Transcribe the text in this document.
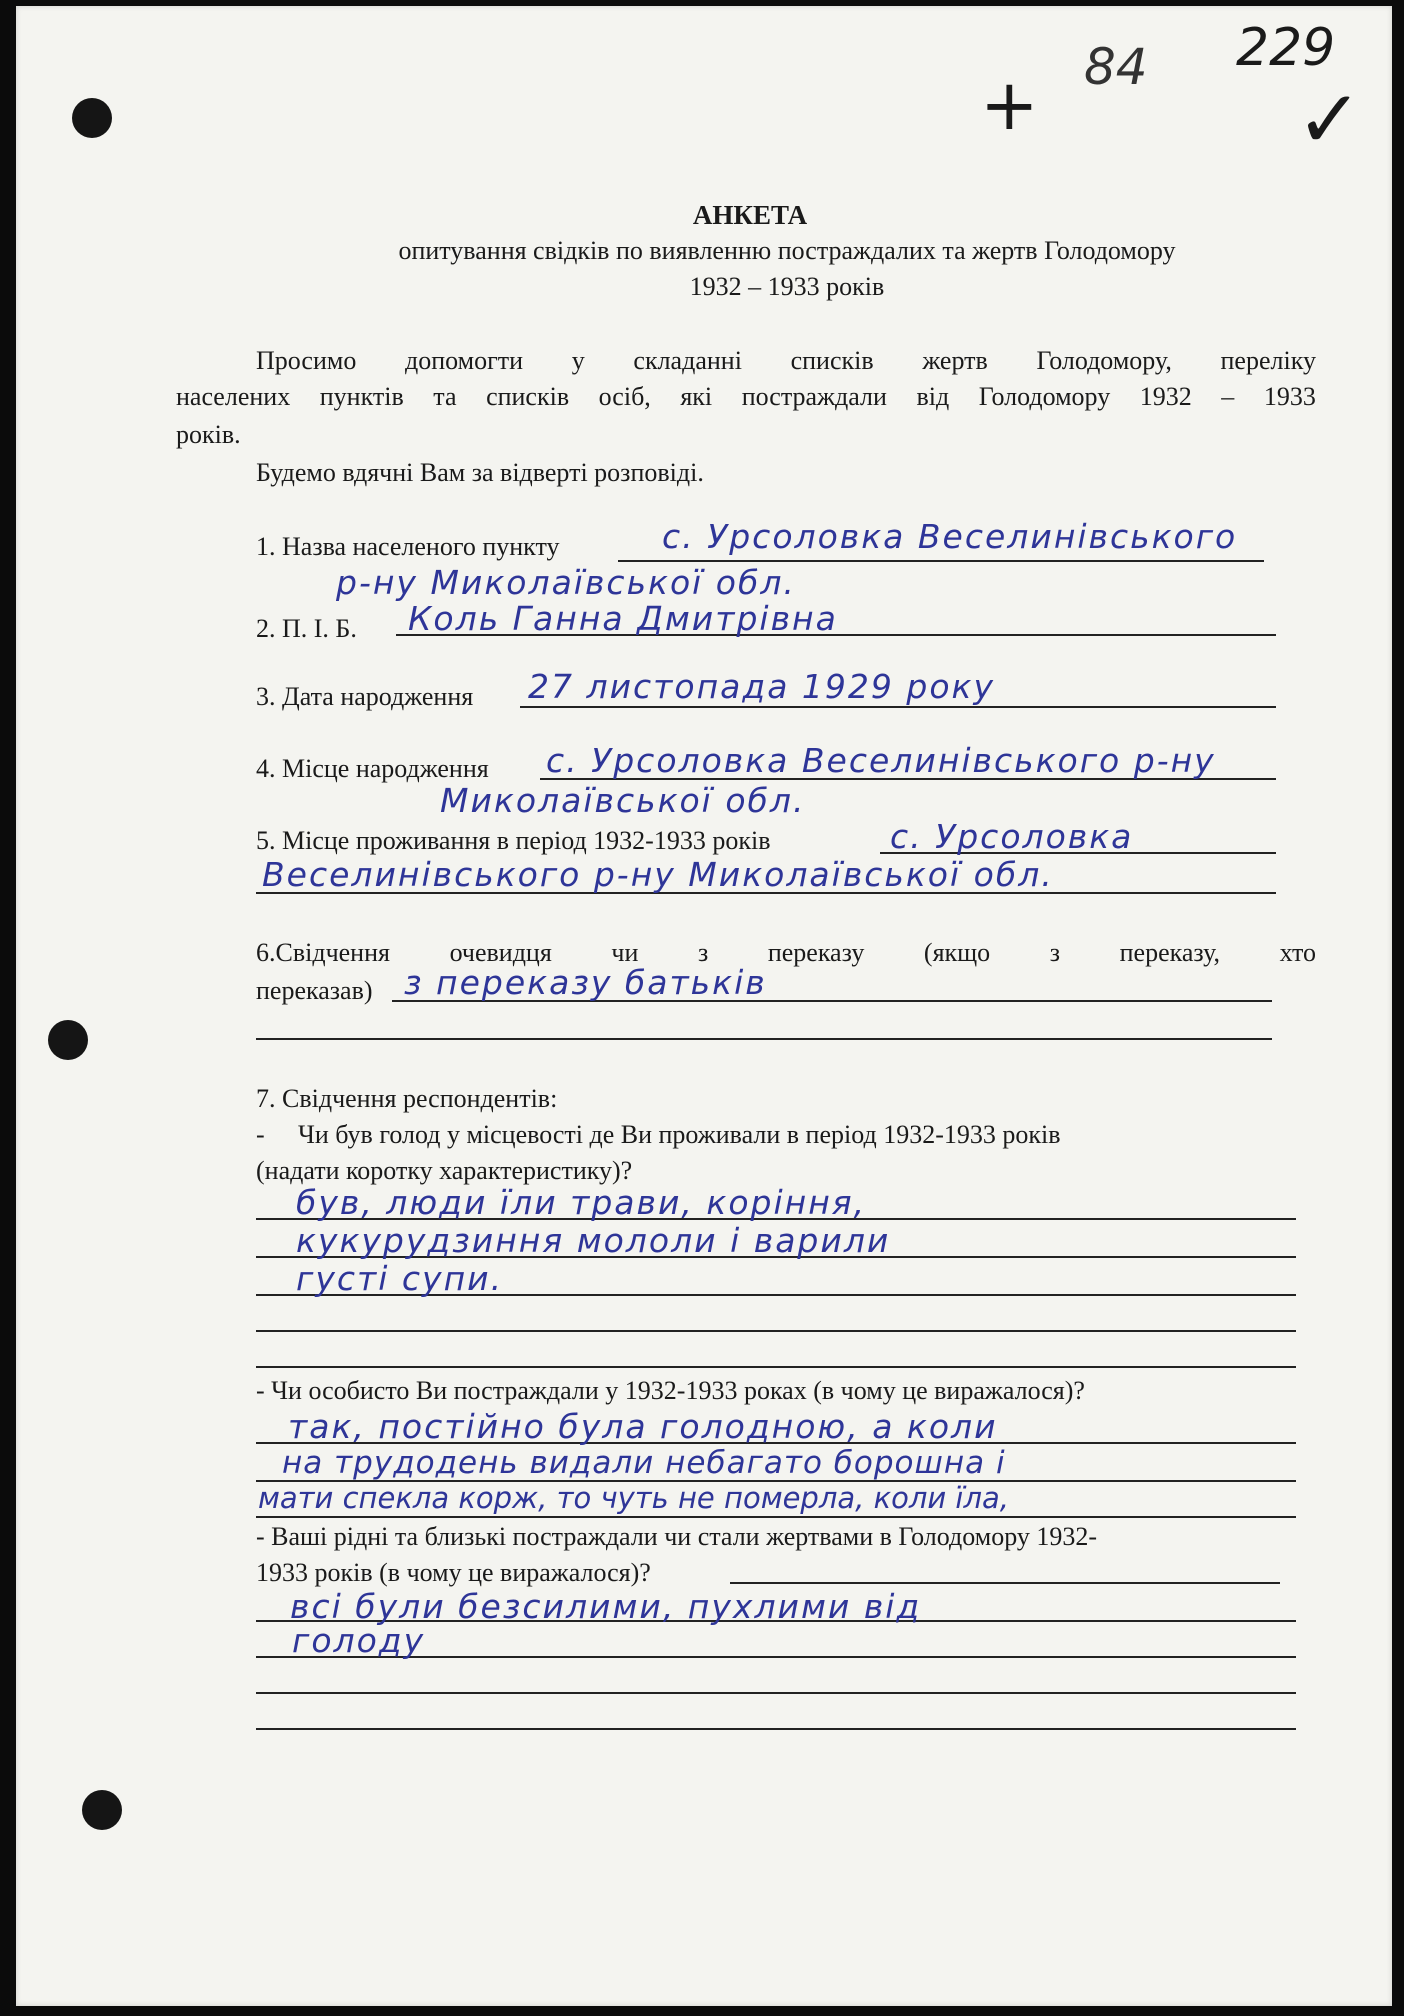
+ 84 229
✓
АНКЕТА
опитування свідків по виявленню постраждалих та жертв Голодомору
1932 – 1933 років
Просимо допомогти у складанні списків жертв Голодомору, переліку
населених пунктів та списків осіб, які постраждали від Голодомору 1932 – 1933
років.
Будемо вдячні Вам за відверті розповіді.
1. Назва населеного пункту	с. Урсоловка Веселинівського
р-ну Миколаївської обл.
2. П. І. Б. Коль Ганна Дмитрівна
3. Дата народження 27 листопада 1929 року
4. Місце народження с. Урсоловка Веселинівського р-ну
Миколаївської обл.
5. Місце проживання в період 1932-1933 років	с. Урсоловка
Веселинівського р-ну Миколаївської обл.
6.Свідчення очевидця чи з переказу (якщо з переказу, хто
переказав) з переказу батьків
7. Свідчення респондентів:
- Чи був голод у місцевості де Ви проживали в період 1932-1933 років
(надати коротку характеристику)?
був, люди їли трави, коріння,
кукурудзиння мололи і варили
густі супи.
- Чи особисто Ви постраждали у 1932-1933 роках (в чому це виражалося)?
так, постійно була голодною, а коли
на трудодень видали небагато борошна і
мати спекла корж, то чуть не померла, коли їла,
- Ваші рідні та близькі постраждали чи стали жертвами в Голодомору 1932-
1933 років (в чому це виражалося)?
всі були безсилими, пухлими від
голоду
